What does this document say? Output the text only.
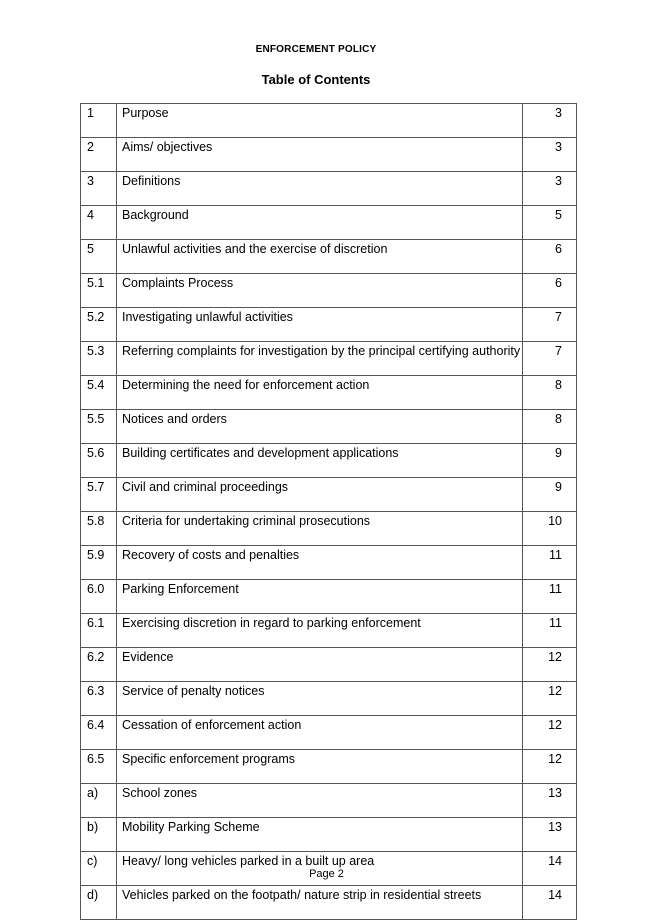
ENFORCEMENT POLICY
Table of Contents
1	Purpose	3
2	Aims/ objectives	3
3	Definitions	3
4	Background	5
5	Unlawful activities and the exercise of discretion	6
5.1	Complaints Process	6
5.2	Investigating unlawful activities	7
5.3	Referring complaints for investigation by the principal certifying authority	7
5.4	Determining the need for enforcement action	8
5.5	Notices and orders	8
5.6	Building certificates and development applications	9
5.7	Civil and criminal proceedings	9
5.8	Criteria for undertaking criminal prosecutions	10
5.9	Recovery of costs and penalties	11
6.0	Parking Enforcement	11
6.1	Exercising discretion in regard to parking enforcement	11
6.2	Evidence	12
6.3	Service of penalty notices	12
6.4	Cessation of enforcement action	12
6.5	Specific enforcement programs	12
a)	School zones	13
b)	Mobility Parking Scheme	13
c)	Heavy/ long vehicles parked in a built up area	14
d)	Vehicles parked on the footpath/ nature strip in residential streets	14
Page 2
